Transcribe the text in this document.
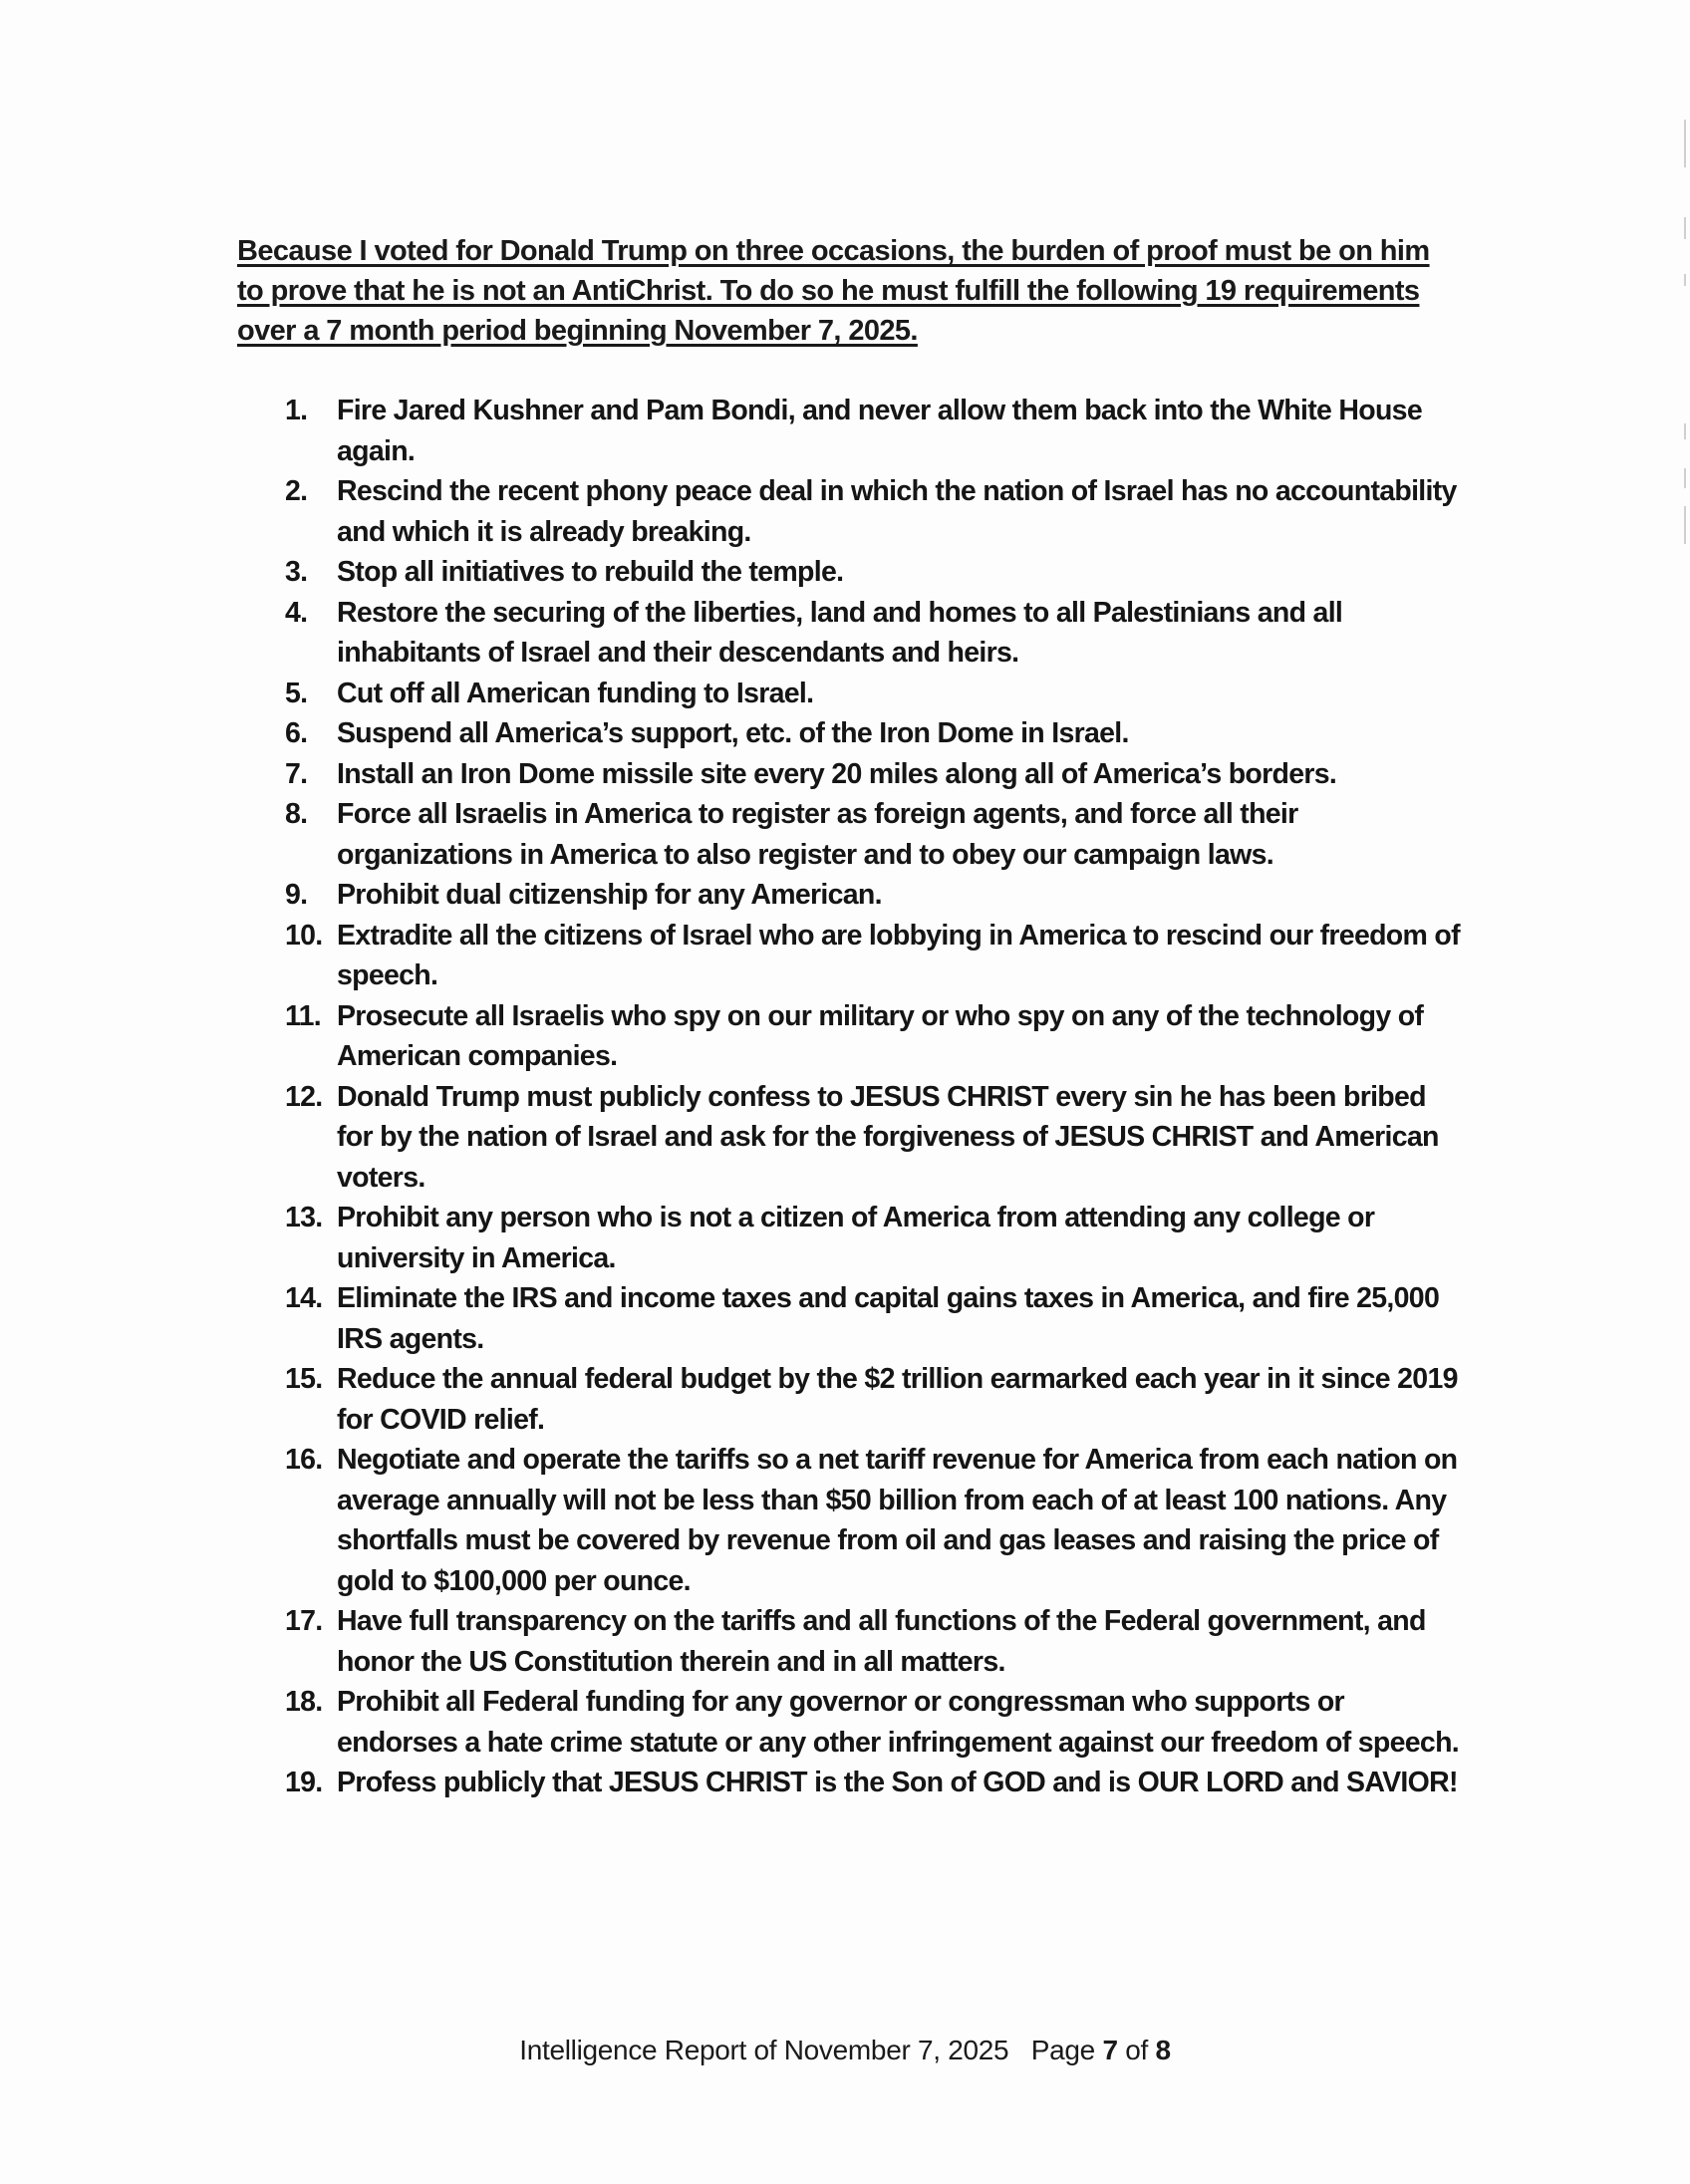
Because I voted for Donald Trump on three occasions, the burden of proof must be on him to prove that he is not an AntiChrist. To do so he must fulfill the following 19 requirements over a 7 month period beginning November 7, 2025.

1.	Fire Jared Kushner and Pam Bondi, and never allow them back into the White House again.
2.	Rescind the recent phony peace deal in which the nation of Israel has no accountability and which it is already breaking.
3.	Stop all initiatives to rebuild the temple.
4.	Restore the securing of the liberties, land and homes to all Palestinians and all inhabitants of Israel and their descendants and heirs.
5.	Cut off all American funding to Israel.
6.	Suspend all America’s support, etc. of the Iron Dome in Israel.
7.	Install an Iron Dome missile site every 20 miles along all of America’s borders.
8.	Force all Israelis in America to register as foreign agents, and force all their organizations in America to also register and to obey our campaign laws.
9.	Prohibit dual citizenship for any American.
10. Extradite all the citizens of Israel who are lobbying in America to rescind our freedom of speech.
11. Prosecute all Israelis who spy on our military or who spy on any of the technology of American companies.
12. Donald Trump must publicly confess to JESUS CHRIST every sin he has been bribed for by the nation of Israel and ask for the forgiveness of JESUS CHRIST and American voters.
13. Prohibit any person who is not a citizen of America from attending any college or university in America.
14. Eliminate the IRS and income taxes and capital gains taxes in America, and fire 25,000 IRS agents.
15. Reduce the annual federal budget by the $2 trillion earmarked each year in it since 2019 for COVID relief.
16. Negotiate and operate the tariffs so a net tariff revenue for America from each nation on average annually will not be less than $50 billion from each of at least 100 nations. Any shortfalls must be covered by revenue from oil and gas leases and raising the price of gold to $100,000 per ounce.
17. Have full transparency on the tariffs and all functions of the Federal government, and honor the US Constitution therein and in all matters.
18. Prohibit all Federal funding for any governor or congressman who supports or endorses a hate crime statute or any other infringement against our freedom of speech.
19. Profess publicly that JESUS CHRIST is the Son of GOD and is OUR LORD and SAVIOR!
Intelligence Report of November 7, 2025 Page 7 of 8
